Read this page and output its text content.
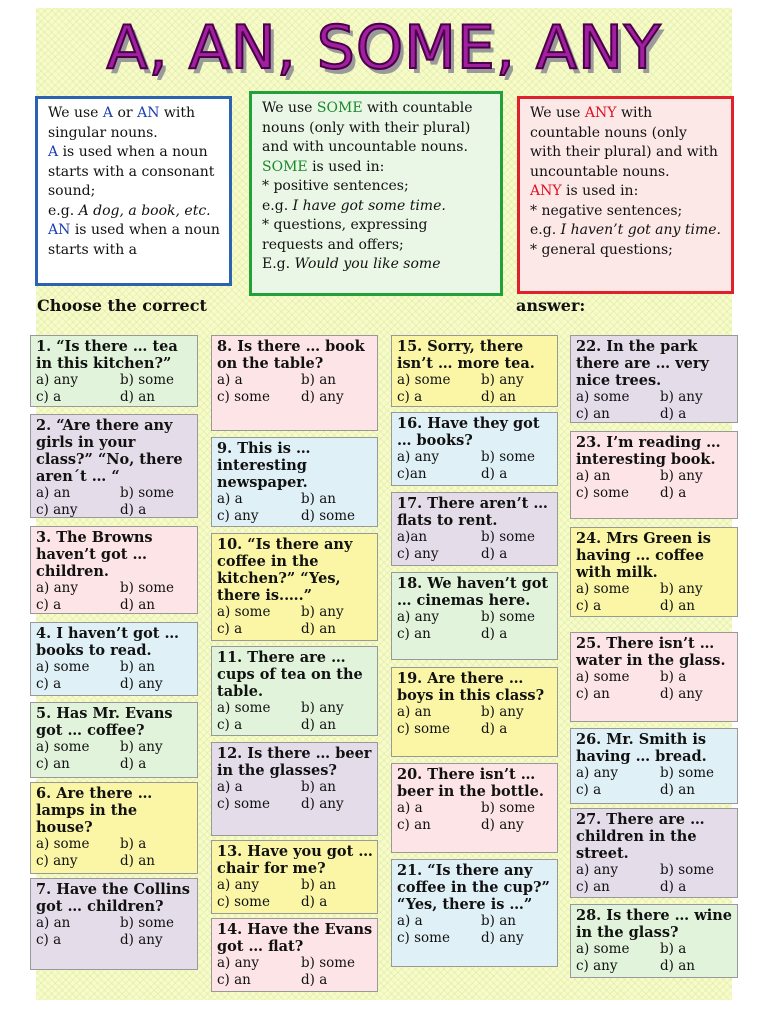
A, AN, SOME, ANY

We use A or AN with singular nouns.

A is used when a noun starts with a consonant sound;

e.g. A dog, a book, etc.

AN is used when a noun starts with a

We use SOME with countable nouns (only with their plural) and with uncountable nouns.

SOME is used in:

* positive sentences;

e.g. I have got some time.

* questions, expressing requests and offers;

E.g. Would you like some

We use ANY with countable nouns (only with their plural) and with uncountable nouns.

ANY is used in:

* negative sentences;

e.g. I haven’t got any time.

* general questions;

Choose the correct	answer:
1. “Is there … tea in this kitchen?”
a) any	b) some
c) a	d) an
2. “Are there any girls in your class?” “No, there aren´t … “
a) an	b) some
c) any	d) a
3. The Browns haven’t got … children.
a) any	b) some
c) a	d) an
4. I haven’t got … books to read.
a) some	b) an
c) a	d) any
5. Has Mr. Evans got … coffee?
a) some	b) any
c) an	d) a
6. Are there … lamps in the house?
a) some	b) a
c) any	d) an
7. Have the Collins got … children?
a) an	b) some
c) a	d) any
8. Is there … book on the table?
a) a	b) an
c) some	d) any
9. This is … interesting newspaper.
a) a	b) an
c) any	d) some
10. “Is there any coffee in the kitchen?” “Yes, there is.….”
a) some	b) any
c) a	d) an
11. There are … cups of tea on the table.
a) some	b) any
c) a	d) an
12. Is there … beer in the glasses?
a) a	b) an
c) some	d) any
13. Have you got … chair for me?
a) any	b) an
c) some	d) a
14. Have the Evans got … flat?
a) any	b) some
c) an	d) a
15. Sorry, there isn’t … more tea.
a) some	b) any
c) a	d) an
16. Have they got … books?
a) any	b) some
c)an	d) a
17. There aren’t … flats to rent.
a)an	b) some
c) any	d) a
18. We haven’t got … cinemas here.
a) any	b) some
c) an	d) a
19. Are there … boys in this class?
a) an	b) any
c) some	d) a
20. There isn’t … beer in the bottle.
a) a	b) some
c) an	d) any
21. “Is there any coffee in the cup?” “Yes, there is …”
a) a	b) an
c) some	d) any
22. In the park there are … very nice trees.
a) some	b) any
c) an	d) a
23. I’m reading … interesting book.
a) an	b) any
c) some	d) a
24. Mrs Green is having … coffee with milk.
a) some	b) any
c) a	d) an
25. There isn’t … water in the glass.
a) some	b) a
c) an	d) any
26. Mr. Smith is having … bread.
a) any	b) some
c) a	d) an
27. There are … children in the street.
a) any	b) some
c) an	d) a
28. Is there … wine in the glass?
a) some	b) a
c) any	d) an
